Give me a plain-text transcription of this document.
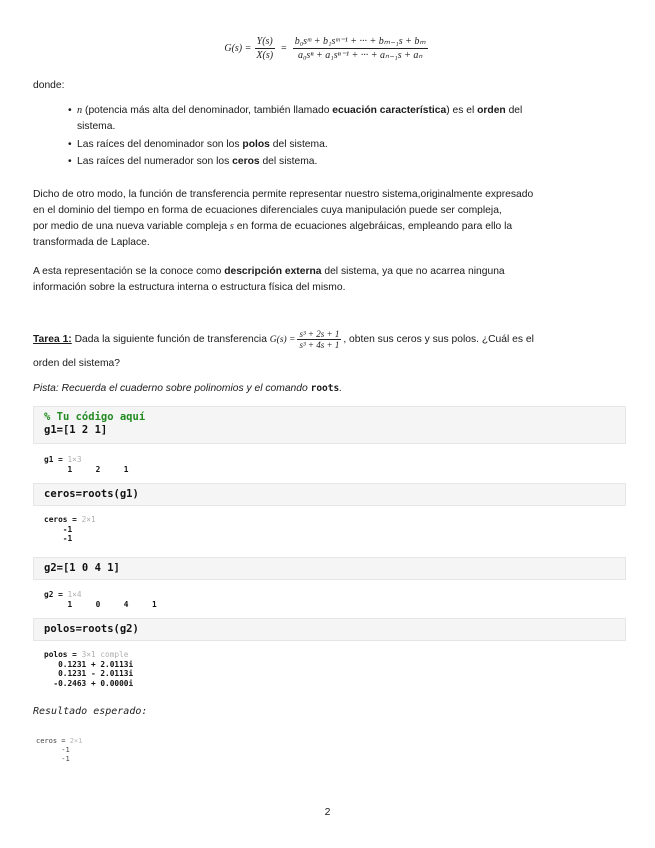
$G(s) = \frac{Y(s)}{X(s)} = \frac{\text{b₀sᵐ + b₁sᵐ⁻¹ + ··· + bₘ₋₁s + bₘ}}{\text{a₀sⁿ + a₁sⁿ⁻¹ + ··· + aₙ₋₁s + aₙ}}$
donde:
• n (potencia más alta del denominador, también llamado ecuación característica) es el orden del
sistema.
• Las raíces del denominador son los polos del sistema.
• Las raíces del numerador son los ceros del sistema.
Dicho de otro modo, la función de transferencia permite representar nuestro sistema,originalmente expresado
en el dominio del tiempo en forma de ecuaciones diferenciales cuya manipulación puede ser compleja,
por medio de una nueva variable compleja s en forma de ecuaciones algebráicas, empleando para ello la
transformada de Laplace.
A esta representación se la conoce como descripción externa del sistema, ya que no acarrea ninguna
información sobre la estructura interna o estructura física del mismo.
Tarea 1: Dada la siguiente función de transferencia $G(s) = \frac{\text{s³ + 2s + 1}}{\text{s³ + 4s + 1}}$ , obten sus ceros y sus polos. ¿Cuál es el
orden del sistema?
Pista: Recuerda el cuaderno sobre polinomios y el comando roots.
% Tu código aquí
g1=[1 2 1]
g1 = 1×3
1     2     1
ceros=roots(g1)
ceros = 2×1
-1
-1
g2=[1 0 4 1]
g2 = 1×4
1     0     4     1
polos=roots(g2)
polos = 3×1 comple
0.1231 + 2.0113i
0.1231 - 2.0113i
-0.2463 + 0.0000i
Resultado esperado:
ceros = 2×1
-1
-1
2
